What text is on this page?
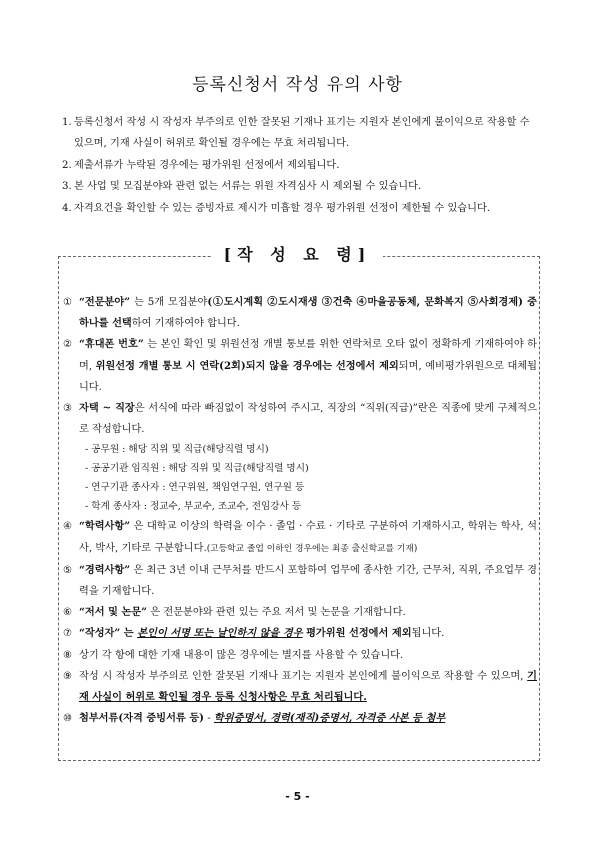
등록신청서 작성 유의 사항
1. 등록신청서 작성 시 작성자 부주의로 인한 잘못된 기재나 표기는 지원자 본인에게 불이익으로 작용할 수 있으며, 기재 사실이 허위로 확인될 경우에는 무효 처리됩니다.
2. 제출서류가 누락된 경우에는 평가위원 선정에서 제외됩니다.
3. 본 사업 및 모집분야와 관련 없는 서류는 위원 자격심사 시 제외될 수 있습니다.
4. 자격요건을 확인할 수 있는 증빙자료 제시가 미흡할 경우 평가위원 선정이 제한될 수 있습니다.
[작 성 요 령]
① “전문분야” 는 5개 모집분야(①도시계획 ②도시재생 ③건축 ④마을공동체, 문화복지 ⑤사회경제) 중 하나를 선택하여 기재하여야 합니다.
② “휴대폰 번호” 는 본인 확인 및 위원선정 개별 통보를 위한 연락처로 오타 없이 정확하게 기재하여야 하며, 위원선정 개별 통보 시 연락(2회)되지 않을 경우에는 선정에서 제외되며, 예비평가위원으로 대체됩니다.
③ 자택 ~ 직장은 서식에 따라 빠짐없이 작성하여 주시고, 직장의 “직위(직급)”란은 직종에 맞게 구체적으로 작성합니다.
- 공무원 : 해당 직위 및 직급(해당직렬 명시)
- 공공기관 임직원 : 해당 직위 및 직급(해당직렬 명시)
- 연구기관 종사자 : 연구위원, 책임연구원, 연구원 등
- 학계 종사자 : 정교수, 부교수, 조교수, 전임강사 등
④ “학력사항” 은 대학교 이상의 학력을 이수 · 졸업 · 수료 · 기타로 구분하여 기재하시고, 학위는 학사, 석사, 박사, 기타로 구분합니다.(고등학교 졸업 이하인 경우에는 최종 출신학교를 기재)
⑤ “경력사항” 은 최근 3년 이내 근무처를 반드시 포함하여 업무에 종사한 기간, 근무처, 직위, 주요업무 경력을 기재합니다.
⑥ “저서 및 논문” 은 전문분야와 관련 있는 주요 저서 및 논문을 기재합니다.
⑦ “작성자” 는 본인이 서명 또는 날인하지 않을 경우 평가위원 선정에서 제외됩니다.
⑧ 상기 각 항에 대한 기재 내용이 많은 경우에는 별지를 사용할 수 있습니다.
⑨ 작성 시 작성자 부주의로 인한 잘못된 기재나 표기는 지원자 본인에게 불이익으로 작용할 수 있으며, 기재 사실이 허위로 확인될 경우 등록 신청사항은 무효 처리됩니다.
⑩ 첨부서류(자격 증빙서류 등) - 학위증명서, 경력(재직)증명서, 자격증 사본 등 첨부
- 5 -
